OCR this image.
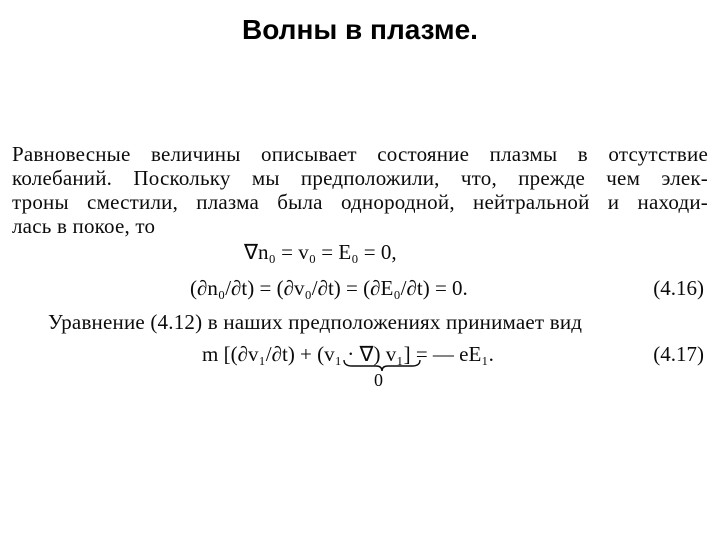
Волны в плазме.
Равновесные величины описывает состояние плазмы в отсутствие
колебаний. Поскольку мы предположили, что, прежде чем элек-
троны сместили, плазма была однородной, нейтральной и находи-
лась в покое, то
∇n₀ = v₀ = E₀ = 0,
(∂n₀/∂t) = (∂v₀/∂t) = (∂E₀/∂t) = 0.	(4.16)
Уравнение (4.12) в наших предположениях принимает вид
m [(∂v₁/∂t) + (v₁ · ∇) v₁] = — eE₁.	(4.17)
0
